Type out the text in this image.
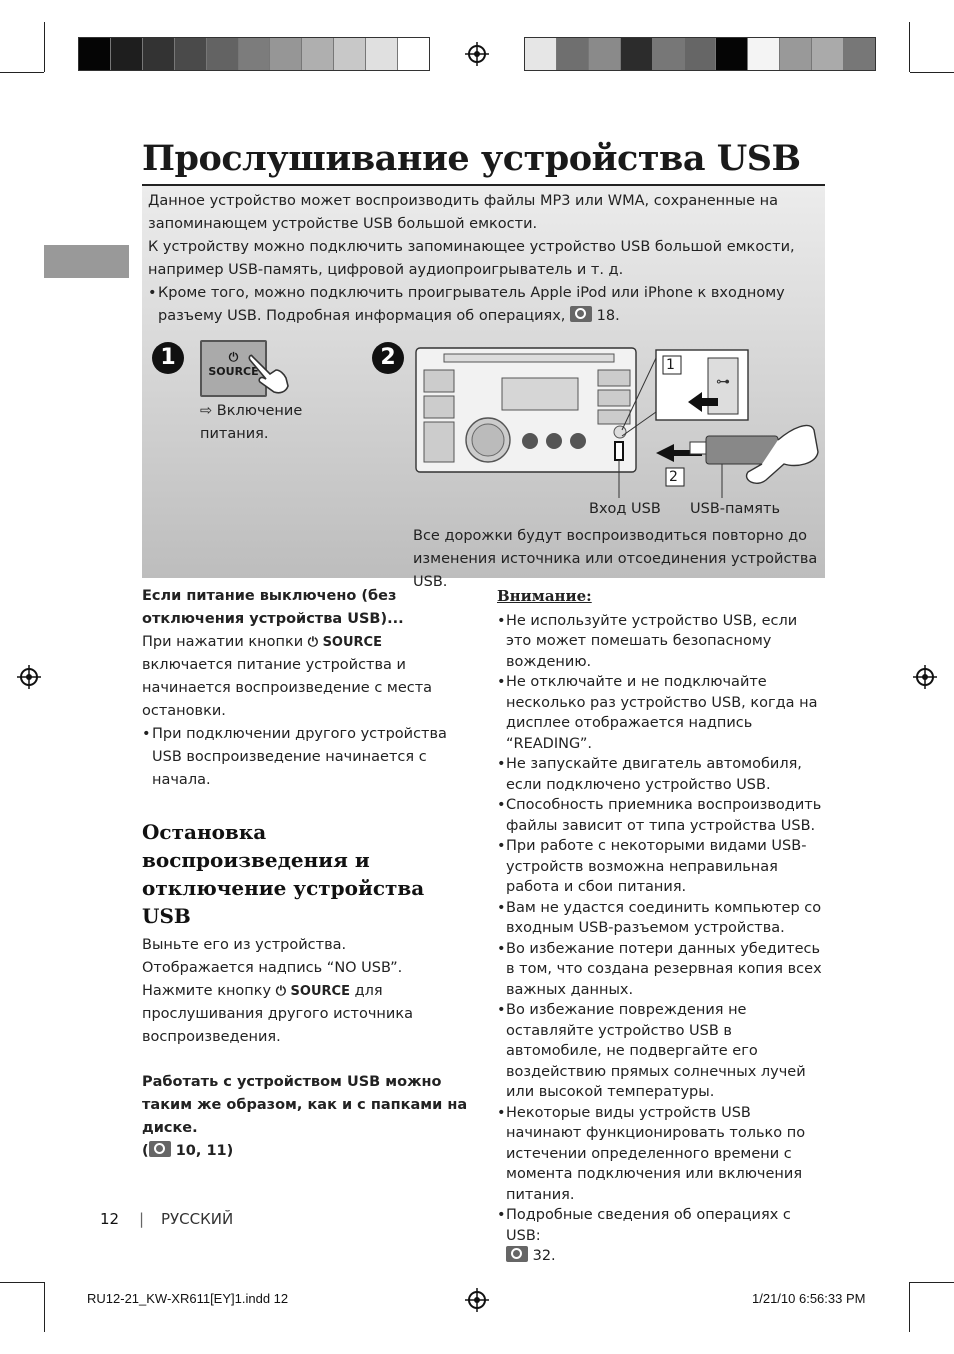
Прослушивание устройства USB

Данное устройство может воспроизводить файлы MP3 или WMA, сохраненные на запоминающем устройстве USB большой емкости.

К устройству можно подключить запоминающее устройство USB большой емкости, например USB-память, цифровой аудиопроигрыватель и т. д.

• Кроме того, можно подключить проигрыватель Apple iPod или iPhone к входному разъему USB. Подробная информация об операциях, 18.

1	⏻
SOURCE
⇨ Включение питания.
2
⊶
1
2
Вход USB USB-память
Все дорожки будут воспроизводиться повторно до изменения источника или отсоединения устройства USB.

Если питание выключено (без отключения устройства USB)...

При нажатии кнопки ⏻ SOURCE включается питание устройства и начинается воспроизведение с места остановки.

• При подключении другого устройства USB воспроизведение начинается с начала.

Остановка воспроизведения и отключение устройства USB

Выньте его из устройства.

Отображается надпись “NO USB”. Нажмите кнопку ⏻ SOURCE для прослушивания другого источника воспроизведения.

Работать с устройством USB можно таким же образом, как и с папками на диске.

( 10, 11)

Внимание:
• Не используйте устройство USB, если это может помешать безопасному вождению.
• Не отключайте и не подключайте несколько раз устройство USB, когда на дисплее отображается надпись “READING”.
• Не запускайте двигатель автомобиля, если подключено устройство USB.
• Способность приемника воспроизводить файлы зависит от типа устройства USB.
• При работе с некоторыми видами USB-устройств возможна неправильная работа и сбои питания.
• Вам не удастся соединить компьютер со входным USB-разъемом устройства.
• Во избежание потери данных убедитесь в том, что создана резервная копия всех важных данных.
• Во избежание повреждения не оставляйте устройство USB в автомобиле, не подвергайте его воздействию прямых солнечных лучей или высокой температуры.
• Некоторые виды устройств USB начинают функционировать только по истечении определенного времени с момента подключения или включения питания.
• Подробные сведения об операциях с USB:
32.
12 | РУССКИЙ
RU12-21_KW-XR611[EY]1.indd 12	1/21/10 6:56:33 PM
